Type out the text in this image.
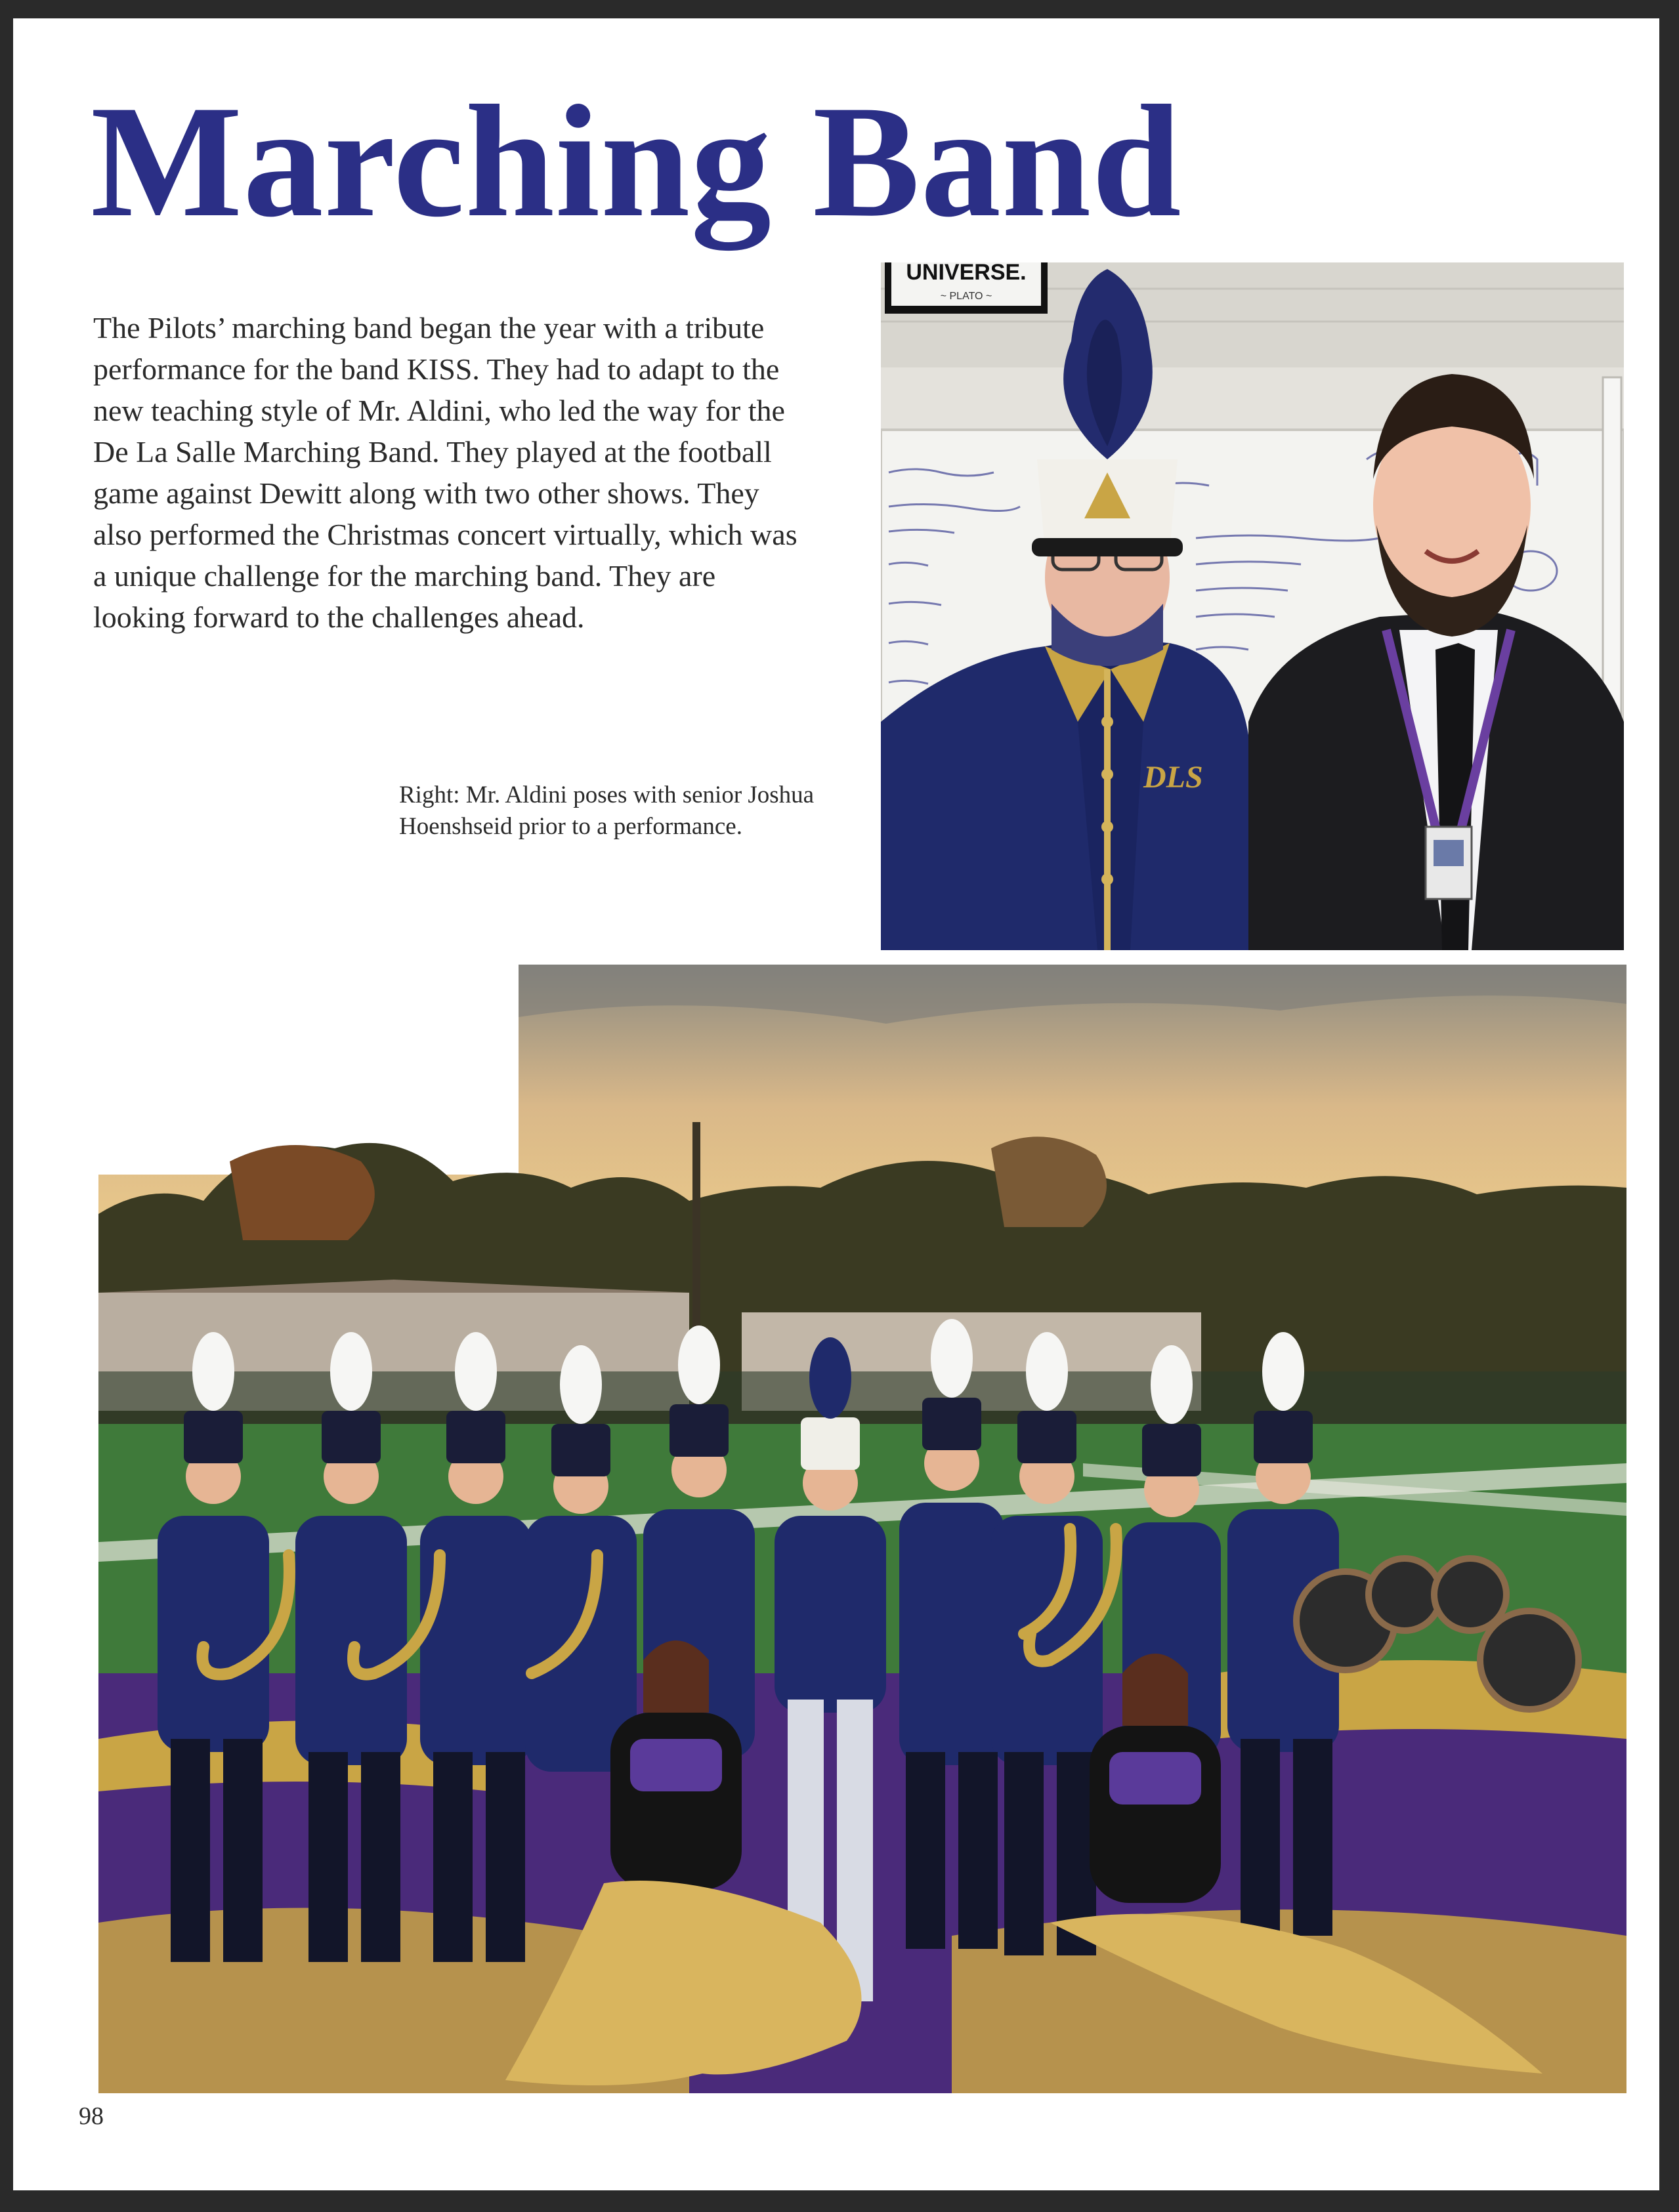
Marching Band

The Pilots’ marching band began the year with a tribute performance for the band KISS. They had to adapt to the new teaching style of Mr. Aldini, who led the way for the De La Salle Marching Band. They played at the football game against Dewitt along with two other shows. They also performed the Christmas concert virtually, which was a unique challenge for the marching band. They are looking forward to the challenges ahead.

Right: Mr. Aldini poses with senior Joshua Hoenshseid prior to a performance.

UNIVERSE.
~ PLATO ~
DLS
98
